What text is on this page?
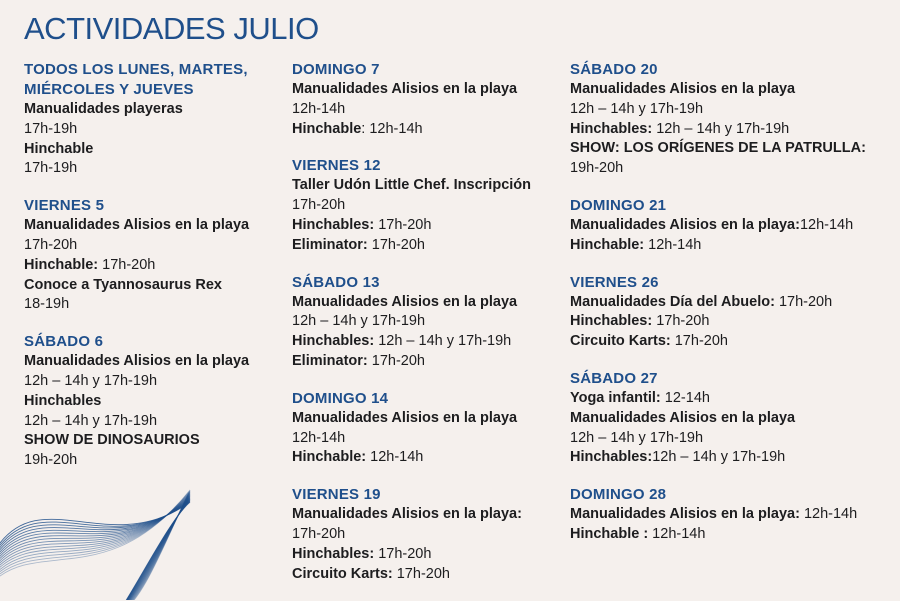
ACTIVIDADES JULIO
TODOS LOS LUNES, MARTES, MIÉRCOLES Y JUEVES
Manualidades playeras
17h-19h
Hinchable
17h-19h
VIERNES 5
Manualidades Alisios en la playa
17h-20h
Hinchable: 17h-20h
Conoce a Tyannosaurus Rex
18-19h
SÁBADO 6
Manualidades Alisios en la playa
12h – 14h y 17h-19h
Hinchables
12h – 14h y 17h-19h
SHOW DE DINOSAURIOS
19h-20h
DOMINGO 7
Manualidades Alisios en la playa
12h-14h
Hinchable: 12h-14h
VIERNES 12
Taller Udón Little Chef. Inscripción
17h-20h
Hinchables: 17h-20h
Eliminator: 17h-20h
SÁBADO 13
Manualidades Alisios en la playa
12h – 14h y 17h-19h
Hinchables: 12h – 14h y 17h-19h
Eliminator: 17h-20h
DOMINGO 14
Manualidades Alisios en la playa
12h-14h
Hinchable: 12h-14h
VIERNES 19
Manualidades Alisios en la playa:
17h-20h
Hinchables: 17h-20h
Circuito Karts: 17h-20h
SÁBADO 20
Manualidades Alisios en la playa
12h – 14h y 17h-19h
Hinchables: 12h – 14h y 17h-19h
SHOW: LOS ORÍGENES DE LA PATRULLA:
19h-20h
DOMINGO 21
Manualidades Alisios en la playa:12h-14h
Hinchable: 12h-14h
VIERNES 26
Manualidades Día del Abuelo: 17h-20h
Hinchables: 17h-20h
Circuito Karts: 17h-20h
SÁBADO 27
Yoga infantil: 12-14h
Manualidades Alisios en la playa
12h – 14h y 17h-19h
Hinchables:12h – 14h y 17h-19h
DOMINGO 28
Manualidades Alisios en la playa: 12h-14h
Hinchable : 12h-14h
